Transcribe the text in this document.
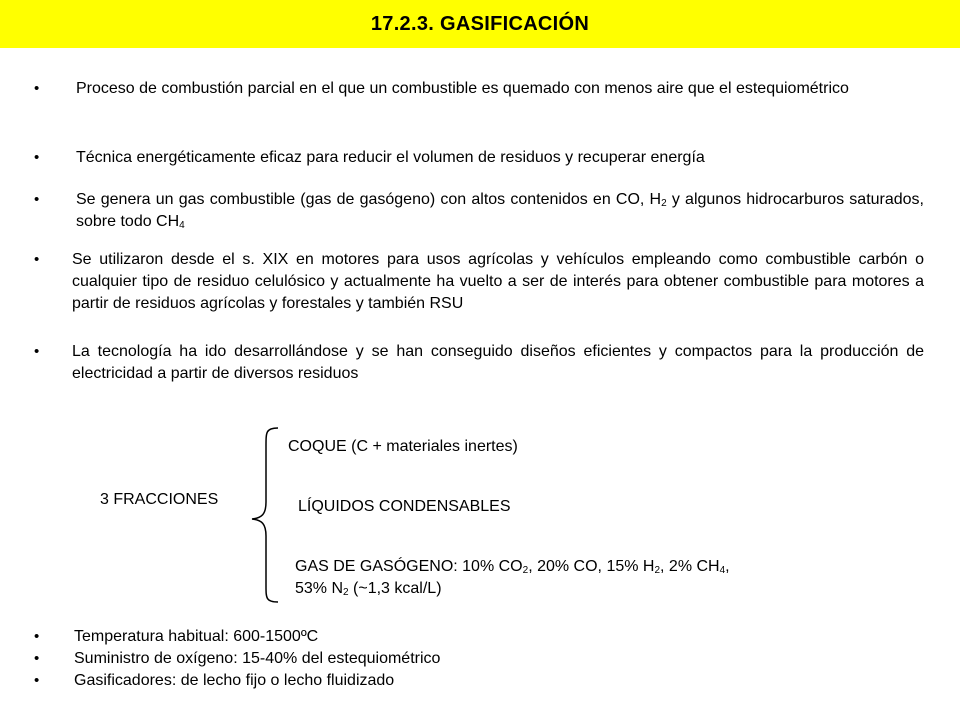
17.2.3. GASIFICACIÓN
• Proceso de combustión parcial en el que un combustible es quemado con menos aire que el estequiométrico
• Técnica energéticamente eficaz para reducir el volumen de residuos y recuperar energía
• Se genera un gas combustible (gas de gasógeno) con altos contenidos en CO, $H_2$ y algunos hidrocarburos saturados, sobre todo $CH_4$
• Se utilizaron desde el s. XIX en motores para usos agrícolas y vehículos empleando como combustible carbón o cualquier tipo de residuo celulósico y actualmente ha vuelto a ser de interés para obtener combustible para motores a partir de residuos agrícolas y forestales y también RSU
• La tecnología ha ido desarrollándose y se han conseguido diseños eficientes y compactos para la producción de electricidad a partir de diversos residuos
3 FRACCIONES
COQUE (C + materiales inertes)
LÍQUIDOS CONDENSABLES
GAS DE GASÓGENO: 10% $CO_2$, 20% CO, 15% $H_2$, 2% $CH_4$,
53% $N_2$ (~1,3 kcal/L)
• Temperatura habitual: 600-1500ºC
• Suministro de oxígeno: 15-40% del estequiométrico
• Gasificadores: de lecho fijo o lecho fluidizado
